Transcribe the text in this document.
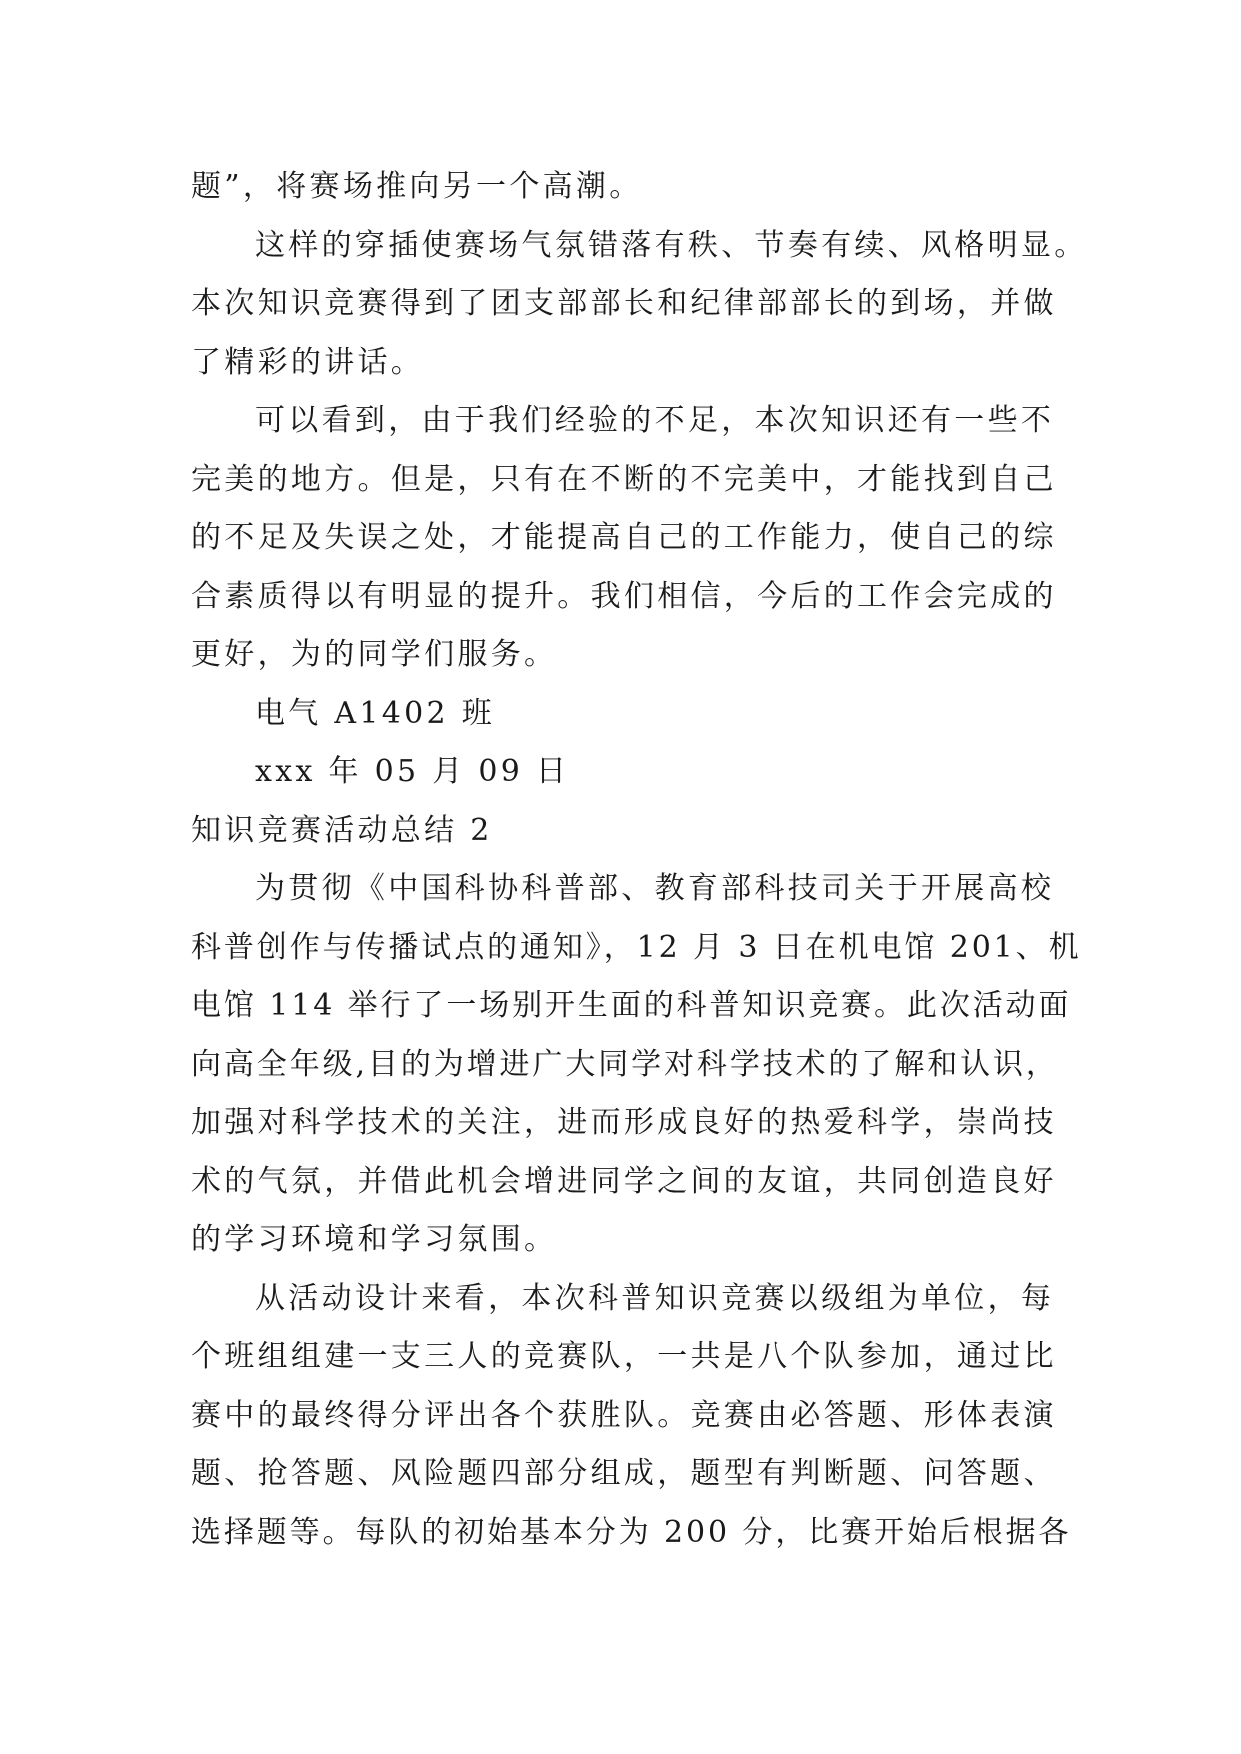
题”，将赛场推向另一个高潮。
这样的穿插使赛场气氛错落有秩、节奏有续、风格明显。
本次知识竞赛得到了团支部部长和纪律部部长的到场，并做
了精彩的讲话。
可以看到，由于我们经验的不足，本次知识还有一些不
完美的地方。但是，只有在不断的不完美中，才能找到自己
的不足及失误之处，才能提高自己的工作能力，使自己的综
合素质得以有明显的提升。我们相信，今后的工作会完成的
更好，为的同学们服务。
电气 A1402 班
xxx 年 05 月 09 日
知识竞赛活动总结 2
为贯彻《中国科协科普部、教育部科技司关于开展高校
科普创作与传播试点的通知》，12 月 3 日在机电馆 201、机
电馆 114 举行了一场别开生面的科普知识竞赛。此次活动面
向高全年级,目的为增进广大同学对科学技术的了解和认识，
加强对科学技术的关注，进而形成良好的热爱科学，崇尚技
术的气氛，并借此机会增进同学之间的友谊，共同创造良好
的学习环境和学习氛围。
从活动设计来看，本次科普知识竞赛以级组为单位，每
个班组组建一支三人的竞赛队，一共是八个队参加，通过比
赛中的最终得分评出各个获胜队。竞赛由必答题、形体表演
题、抢答题、风险题四部分组成，题型有判断题、问答题、
选择题等。每队的初始基本分为 200 分，比赛开始后根据各
